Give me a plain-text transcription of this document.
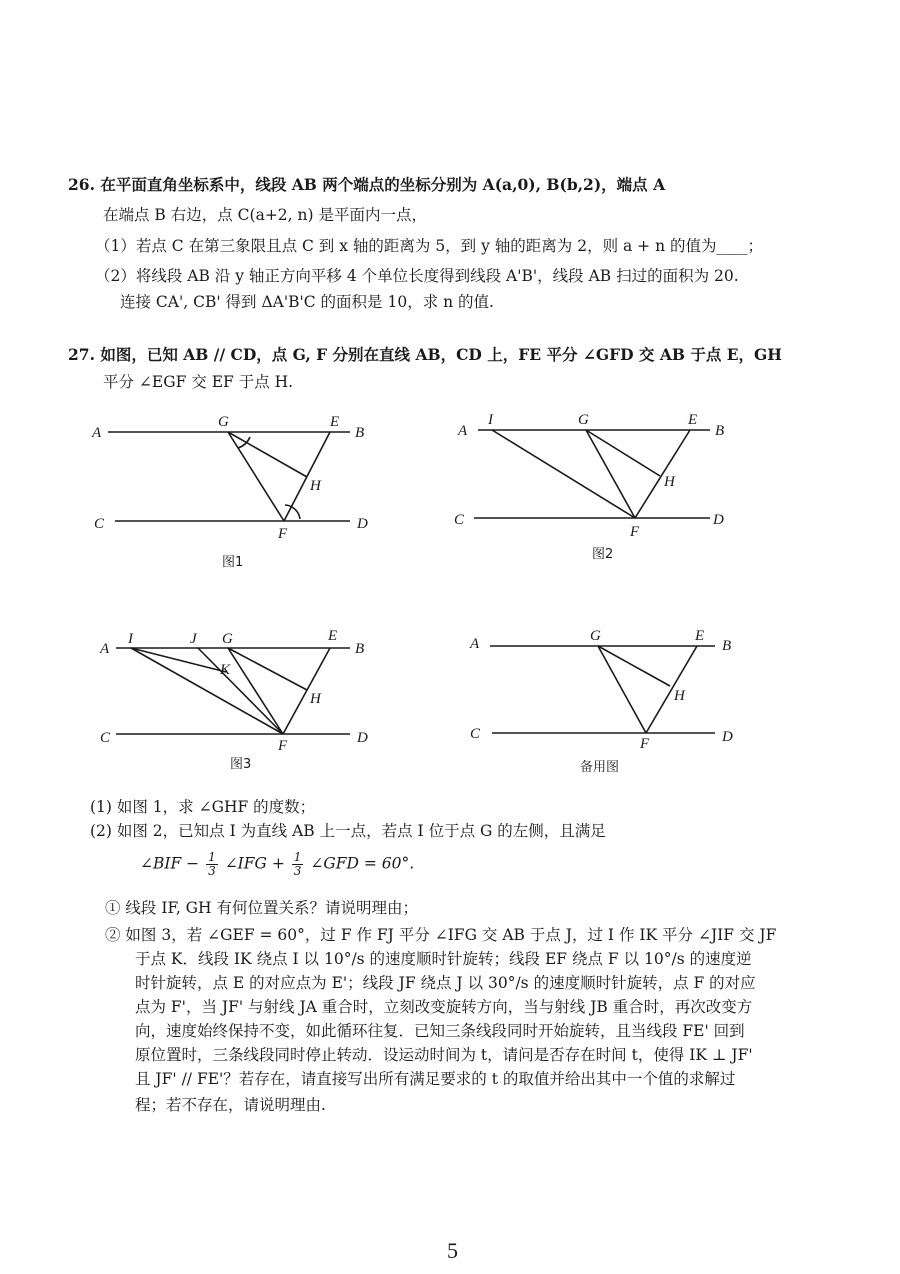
26. 在平面直角坐标系中，线段 AB 两个端点的坐标分别为 A(a,0), B(b,2)，端点 A
在端点 B 右边，点 C(a+2, n) 是平面内一点，
（1）若点 C 在第三象限且点 C 到 x 轴的距离为 5，到 y 轴的距离为 2，则 a + n 的值为____；
（2）将线段 AB 沿 y 轴正方向平移 4 个单位长度得到线段 A'B'，线段 AB 扫过的面积为 20.
连接 CA', CB' 得到 ΔA'B'C 的面积是 10，求 n 的值.
27. 如图，已知 AB // CD，点 G, F 分别在直线 AB，CD 上，FE 平分 ∠GFD 交 AB 于点 E，GH
平分 ∠EGF 交 EF 于点 H.
A	B
C	D
G	E
H
F
图1
A	B
C	D
I	G	E
H
F
图2
A	B
C	D
I	J G	E
K
H
F
图3
A	B
C	D
G	E
H
F
备用图
(1) 如图 1，求 ∠GHF 的度数；
(2) 如图 2，已知点 I 为直线 AB 上一点，若点 I 位于点 G 的左侧，且满足
∠BIF − $\frac{1}{3}$ ∠IFG + $\frac{1}{3}$ ∠GFD = 60°.
① 线段 IF, GH 有何位置关系？请说明理由；
② 如图 3，若 ∠GEF = 60°，过 F 作 FJ 平分 ∠IFG 交 AB 于点 J，过 I 作 IK 平分 ∠JIF 交 JF
于点 K．线段 IK 绕点 I 以 10°/s 的速度顺时针旋转；线段 EF 绕点 F 以 10°/s 的速度逆
时针旋转，点 E 的对应点为 E'；线段 JF 绕点 J 以 30°/s 的速度顺时针旋转，点 F 的对应
点为 F'，当 JF' 与射线 JA 重合时，立刻改变旋转方向，当与射线 JB 重合时，再次改变方
向，速度始终保持不变，如此循环往复．已知三条线段同时开始旋转，且当线段 FE' 回到
原位置时，三条线段同时停止转动．设运动时间为 t，请问是否存在时间 t，使得 IK ⊥ JF'
且 JF' // FE'？若存在，请直接写出所有满足要求的 t 的取值并给出其中一个值的求解过
程；若不存在，请说明理由.
5
